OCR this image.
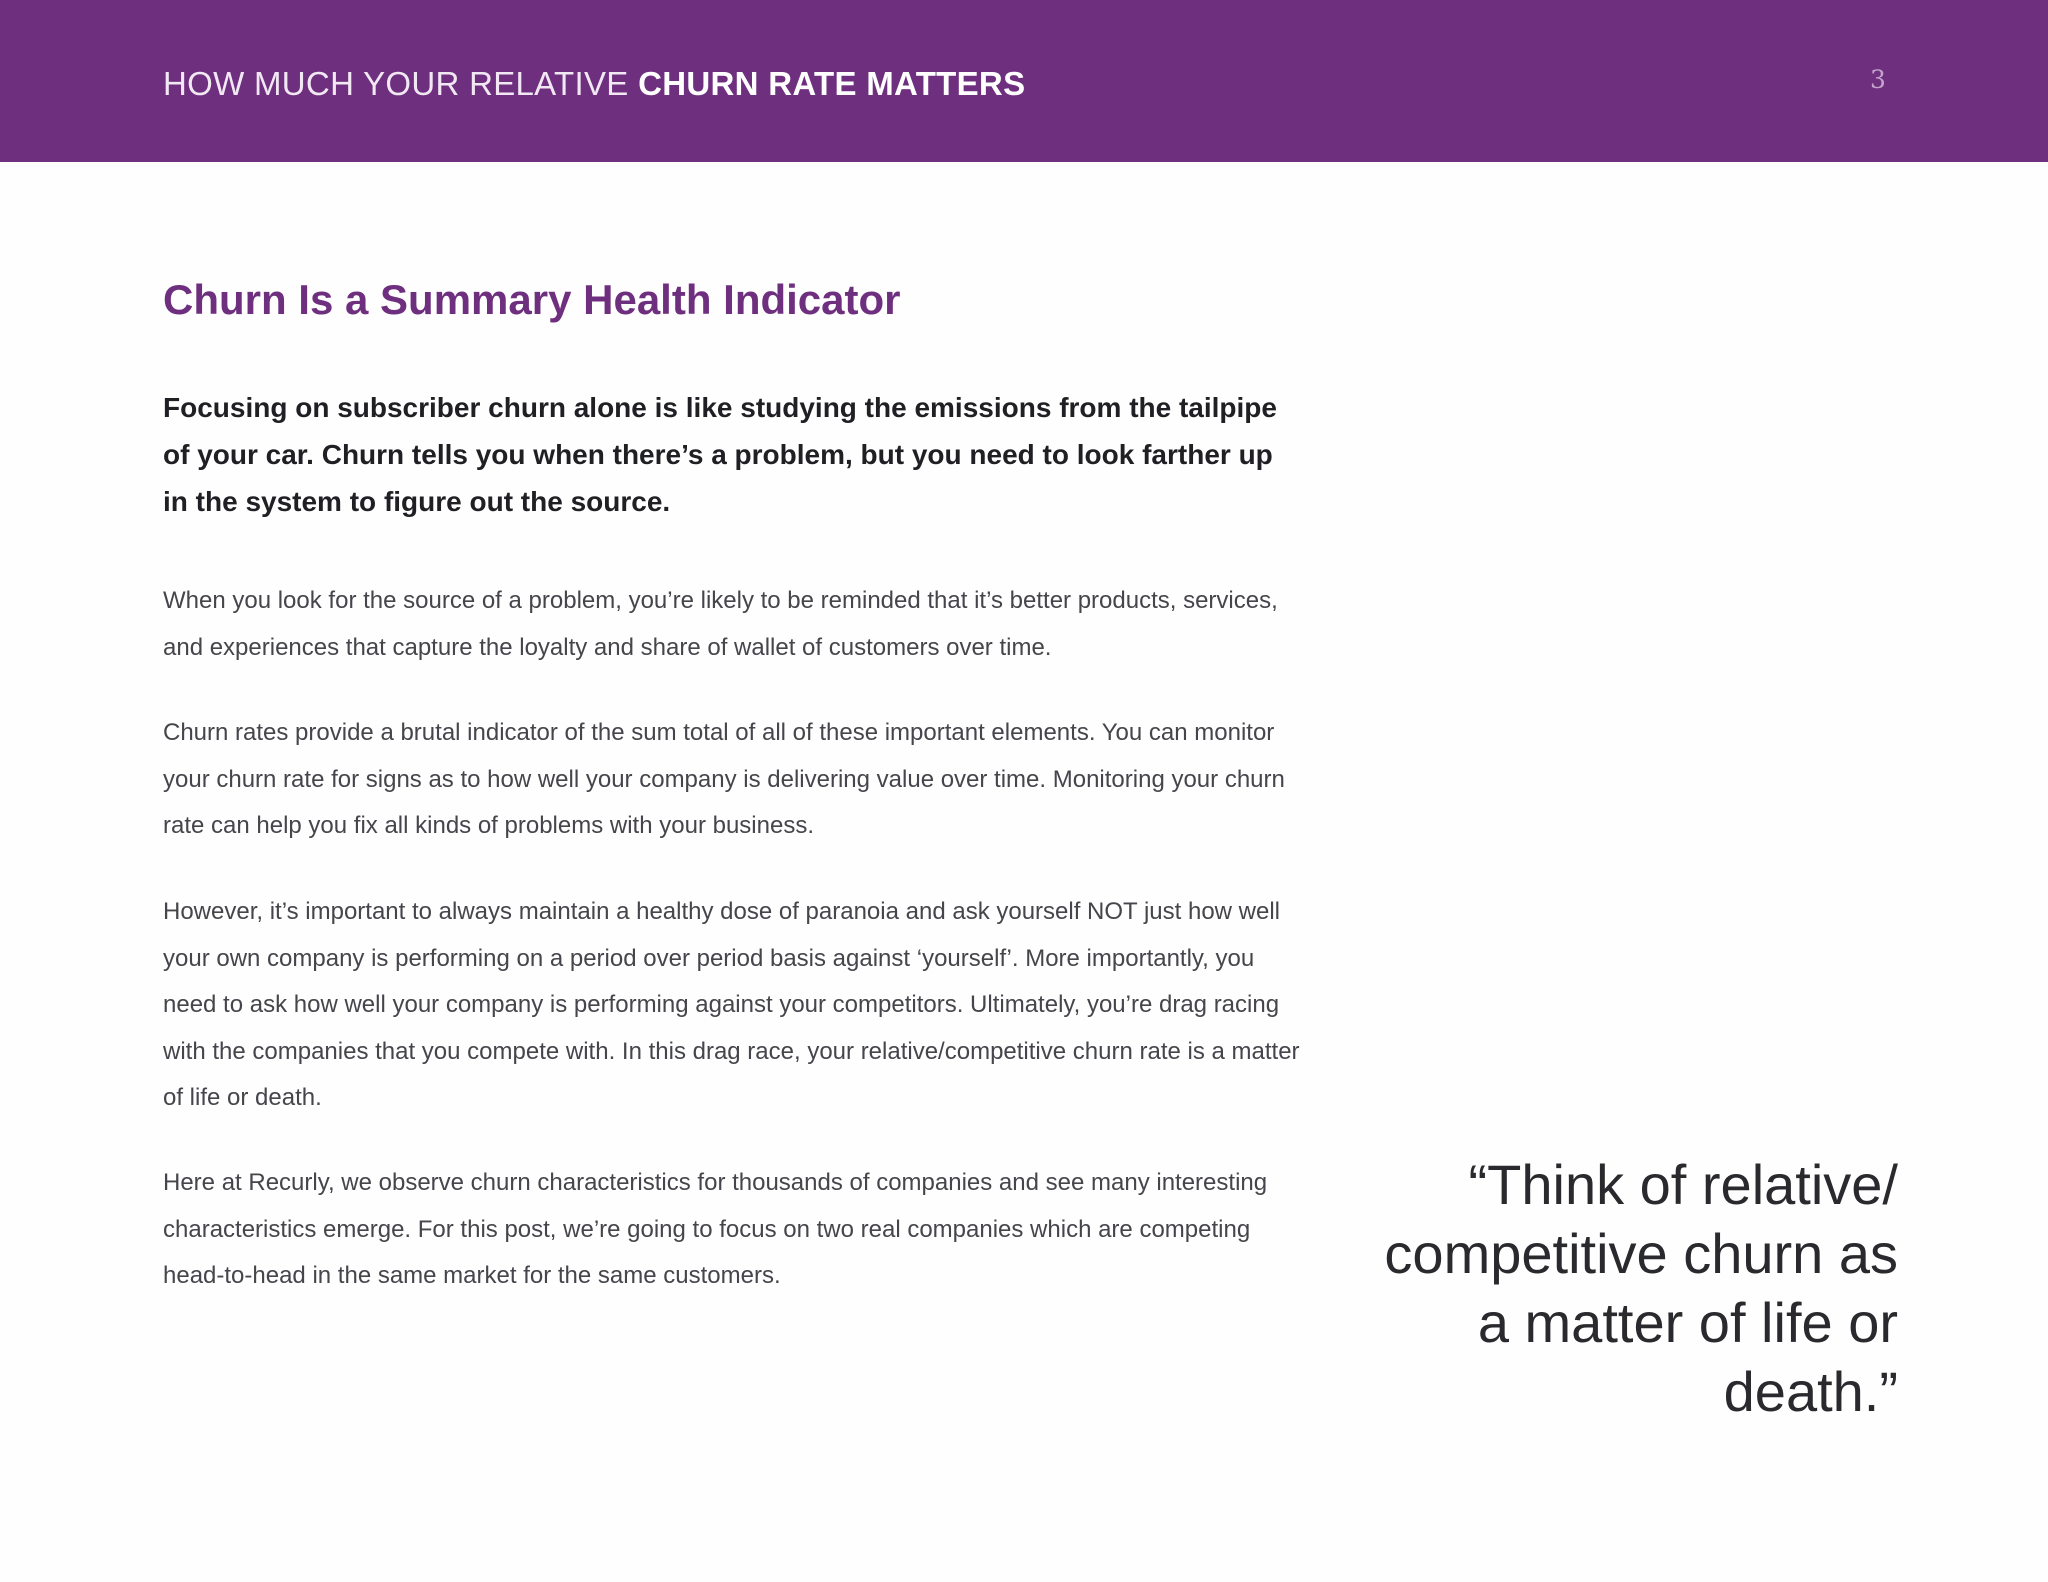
HOW MUCH YOUR RELATIVE CHURN RATE MATTERS	3
Churn Is a Summary Health Indicator

Focusing on subscriber churn alone is like studying the emissions from the tailpipe of your car. Churn tells you when there’s a problem, but you need to look farther up in the system to figure out the source.

When you look for the source of a problem, you’re likely to be reminded that it’s better products, services, and experiences that capture the loyalty and share of wallet of customers over time.

Churn rates provide a brutal indicator of the sum total of all of these important elements. You can monitor your churn rate for signs as to how well your company is delivering value over time. Monitoring your churn rate can help you fix all kinds of problems with your business.

However, it’s important to always maintain a healthy dose of paranoia and ask yourself NOT just how well your own company is performing on a period over period basis against ‘yourself’. More importantly, you need to ask how well your company is performing against your competitors. Ultimately, you’re drag racing with the companies that you compete with. In this drag race, your relative/competitive churn rate is a matter of life or death.

Here at Recurly, we observe churn characteristics for thousands of companies and see many interesting characteristics emerge. For this post, we’re going to focus on two real companies which are competing head-to-head in the same market for the same customers.

“Think of relative/ competitive churn as a matter of life or death.”
